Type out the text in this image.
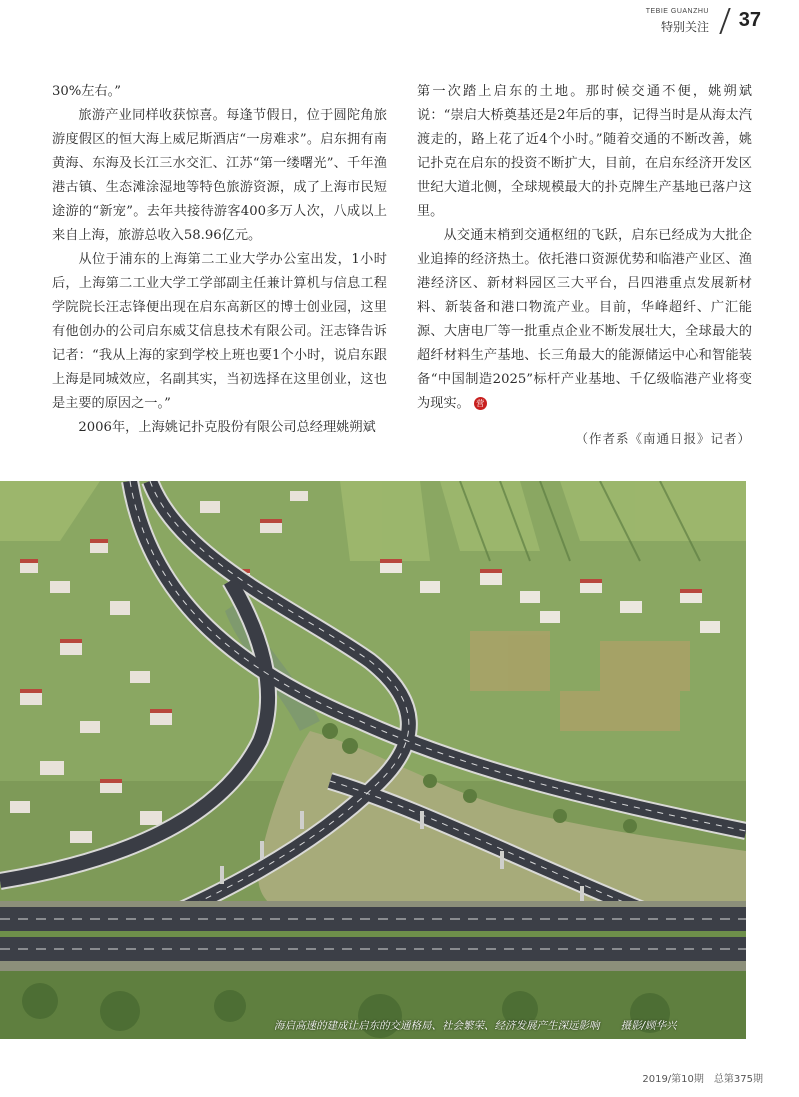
TEBIE GUANZHU
特别关注 37

30%左右。”

旅游产业同样收获惊喜。每逢节假日，位于圆陀角旅游度假区的恒大海上威尼斯酒店“一房难求”。启东拥有南黄海、东海及长江三水交汇、江苏“第一缕曙光”、千年渔港古镇、生态滩涂湿地等特色旅游资源，成了上海市民短途游的“新宠”。去年共接待游客400多万人次，八成以上来自上海，旅游总收入58.96亿元。

从位于浦东的上海第二工业大学办公室出发，1小时后，上海第二工业大学工学部副主任兼计算机与信息工程学院院长汪志锋便出现在启东高新区的博士创业园，这里有他创办的公司启东威艾信息技术有限公司。汪志锋告诉记者：“我从上海的家到学校上班也要1个小时，说启东跟上海是同城效应，名副其实，当初选择在这里创业，这也是主要的原因之一。”

2006年，上海姚记扑克股份有限公司总经理姚朔斌

第一次踏上启东的土地。那时候交通不便，姚朔斌说：“崇启大桥奠基还是2年后的事，记得当时是从海太汽渡走的，路上花了近4个小时。”随着交通的不断改善，姚记扑克在启东的投资不断扩大，目前，在启东经济开发区世纪大道北侧，全球规模最大的扑克牌生产基地已落户这里。

从交通末梢到交通枢纽的飞跃，启东已经成为大批企业追捧的经济热土。依托港口资源优势和临港产业区、渔港经济区、新材料园区三大平台，吕四港重点发展新材料、新装备和港口物流产业。目前，华峰超纤、广汇能源、大唐电厂等一批重点企业不断发展壮大，全球最大的超纤材料生产基地、长三角最大的能源储运中心和智能装备“中国制造2025”标杆产业基地、千亿级临港产业将变为现实。 营

（作者系《南通日报》记者）
海启高速的建成让启东的交通格局、社会繁荣、经济发展产生深远影响　　摄影/顾华兴
2019/第10期　总第375期
